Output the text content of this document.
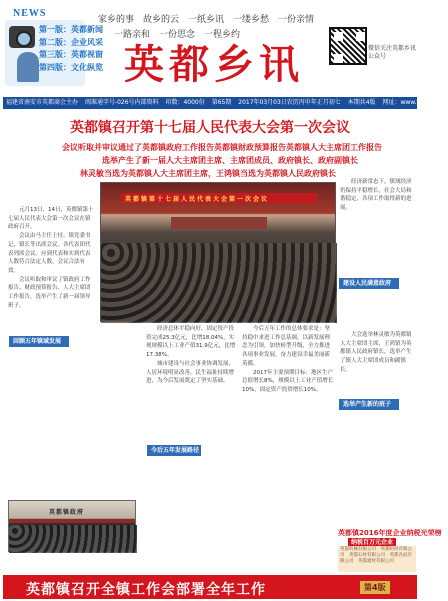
NEWS
第一版：英都新闻
第二版：企业风采
第三版：英都视窗
第四版：文化纵览
家乡的事　故乡的云　一纸乡讯　一缕乡愁　一份亲情
一路亲和　一份思念　一程乡约
英都乡讯	微信关注英都乡讯公众号
福建省南安市英都商会主办 闽准通字号-026号内部资料 印数：4000份 第65期 2017年03月03日农历丙申年正月初七 本期共4版 网址：www.ydxx.net
英都镇召开第十七届人民代表大会第一次会议
会议听取并审议通过了英都镇政府工作报告英都镇财政预算报告英都镇人大主席团工作报告
选举产生了新一届人大主席团主席、主席团成员、政府镇长、政府副镇长
林灵敏当选为英都镇人大主席团主席，王鸿镇当选为英都镇人民政府镇长
英都镇第十七届人民代表大会第一次会议

元月13日、14日，英都镇第十七届人民代表大会第一次会议在镇政府召开。

会议由马主任主持。镇党委书记、镇长等出席会议。各代表团代表列席会议。应到代表和实到代表人数符合法定人数，会议合法有效。

会议听取和审议了镇政府工作报告、财政预算报告、人大主席团工作报告，选举产生了新一届领导班子。

回顾五年镇域发展

经济总体平稳向好，固定资产投资完成25.3亿元，比增18.04%，实现规模以上工业产值31.9亿元，比增17.38%。

城市建设与社会事业协调发展，人居环境明显改善，民生福祉持续增进，为今后发展奠定了坚实基础。

今后五年发展路径

今后五年工作的总体要求是：坚持稳中求进工作总基调，以新发展理念为引领，加快转型升级，全力推进各项事业发展，奋力建设幸福美丽新英都。

2017年主要预期目标：地区生产总值增长8%，规模以上工业产值增长10%，固定资产投资增长10%。

经济新常态下，镇域经济仍保持平稳增长，社会大局和谐稳定，各项工作取得新的进展。

大会选举林灵敏为英都镇人大主席团主席，王鸿镇为英都镇人民政府镇长，选举产生了镇人大主席团成员和副镇长。

建设人民满意政府
选举产生新的班子
英都镇政府
英都镇2016年度企业纳税光荣榜
纳税百万元企业
英都机械有限公司　英都纺织有限公司　英都石材有限公司　英都食品有限公司　英都建材有限公司
英都镇召开全镇工作会部署全年工作	第4版
